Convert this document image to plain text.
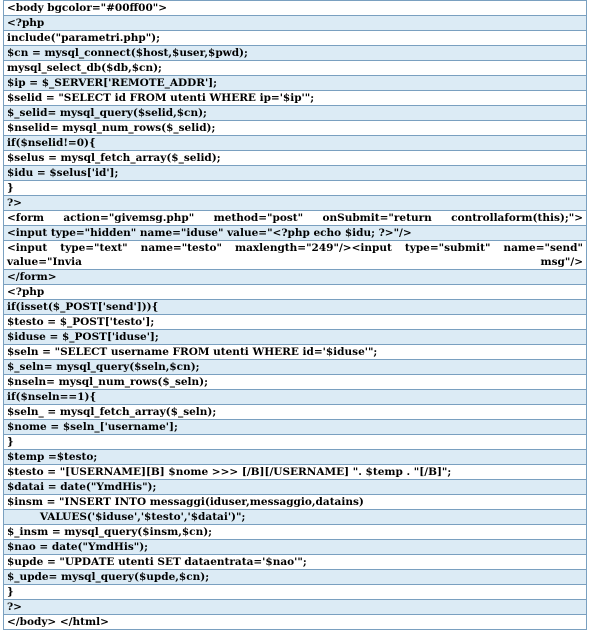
<body bgcolor="#00ff00">
<?php
include("parametri.php");
$cn = mysql_connect($host,$user,$pwd);
mysql_select_db($db,$cn);
$ip = $_SERVER['REMOTE_ADDR'];
$selid = "SELECT id FROM utenti WHERE ip='$ip'";
$_selid= mysql_query($selid,$cn);
$nselid= mysql_num_rows($_selid);
if($nselid!=0){
$selus = mysql_fetch_array($_selid);
$idu = $selus['id'];
}
?>
<form action="givemsg.php" method="post" onSubmit="return controllaform(this);">
<input type="hidden" name="iduse" value="<?php echo $idu; ?>"/>
<input type="text" name="testo" maxlength="249"/><input type="submit" name="send" value="Invia msg"/>
</form>
<?php
if(isset($_POST['send'])){
$testo = $_POST['testo'];
$iduse = $_POST['iduse'];
$seln = "SELECT username FROM utenti WHERE id='$iduse'";
$_seln= mysql_query($seln,$cn);
$nseln= mysql_num_rows($_seln);
if($nseln==1){
$seln_ = mysql_fetch_array($_seln);
$nome = $seln_['username'];
}
$temp =$testo;
$testo = "[USERNAME][B] $nome >>> [/B][/USERNAME] ". $temp . "[/B]";
$datai = date("YmdHis");
$insm = "INSERT INTO messaggi(iduser,messaggio,datains)
VALUES('$iduse','$testo','$datai')";
$_insm = mysql_query($insm,$cn);
$nao = date("YmdHis");
$upde = "UPDATE utenti SET dataentrata='$nao'";
$_upde= mysql_query($upde,$cn);
}
?>
</body> </html>
